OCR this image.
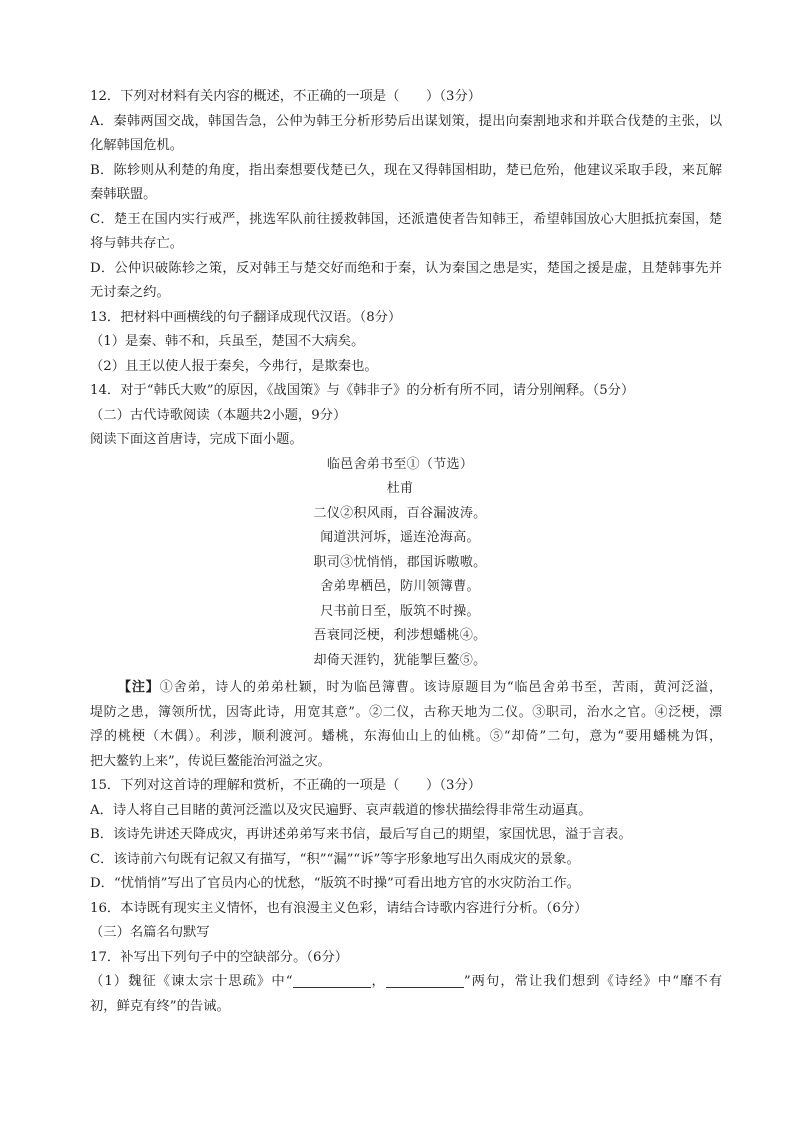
12．下列对材料有关内容的概述，不正确的一项是（　　）（3分）
A．秦韩两国交战，韩国告急，公仲为韩王分析形势后出谋划策，提出向秦割地求和并联合伐楚的主张，以
化解韩国危机。
B．陈轸则从利楚的角度，指出秦想要伐楚已久，现在又得韩国相助，楚已危殆，他建议采取手段，来瓦解
秦韩联盟。
C．楚王在国内实行戒严，挑选军队前往援救韩国，还派遣使者告知韩王，希望韩国放心大胆抵抗秦国，楚
将与韩共存亡。
D．公仲识破陈轸之策，反对韩王与楚交好而绝和于秦，认为秦国之患是实，楚国之援是虚，且楚韩事先并
无讨秦之约。
13．把材料中画横线的句子翻译成现代汉语。（8分）
（1）是秦、韩不和，兵虽至，楚国不大病矣。
（2）且王以使人报于秦矣，今弗行，是欺秦也。
14．对于“韩氏大败”的原因，《战国策》与《韩非子》的分析有所不同，请分别阐释。（5分）
（二）古代诗歌阅读（本题共2小题，9分）
阅读下面这首唐诗，完成下面小题。
临邑舍弟书至①（节选）
杜甫
二仪②积风雨，百谷漏波涛。
闻道洪河坼，遥连沧海高。
职司③忧悄悄，郡国诉嗷嗷。
舍弟卑栖邑，防川领簿曹。
尺书前日至，版筑不时操。
吾衰同泛梗，利涉想蟠桃④。
却倚天涯钓，犹能掣巨鳌⑤。
【注】①舍弟，诗人的弟弟杜颖，时为临邑簿曹。该诗原题目为“临邑舍弟书至，苦雨，黄河泛溢，
堤防之患，簿领所忧，因寄此诗，用宽其意”。②二仪，古称天地为二仪。③职司，治水之官。④泛梗，漂
浮的桃梗（木偶）。利涉，顺利渡河。蟠桃，东海仙山上的仙桃。⑤“却倚”二句，意为“要用蟠桃为饵，
把大鳌钓上来”，传说巨鳌能治河溢之灾。
15．下列对这首诗的理解和赏析，不正确的一项是（　　）（3分）
A．诗人将自己目睹的黄河泛滥以及灾民遍野、哀声载道的惨状描绘得非常生动逼真。
B．该诗先讲述天降成灾，再讲述弟弟写来书信，最后写自己的期望，家国忧思，溢于言表。
C．该诗前六句既有记叙又有描写，“积”“漏”“诉”等字形象地写出久雨成灾的景象。
D．“忧悄悄”写出了官员内心的忧愁，“版筑不时操”可看出地方官的水灾防治工作。
16．本诗既有现实主义情怀，也有浪漫主义色彩，请结合诗歌内容进行分析。（6分）
（三）名篇名句默写
17．补写出下列句子中的空缺部分。（6分）
（1）魏征《谏太宗十思疏》中“	，	”两句，常让我们想到《诗经》中“靡不有
初，鲜克有终”的告诫。
